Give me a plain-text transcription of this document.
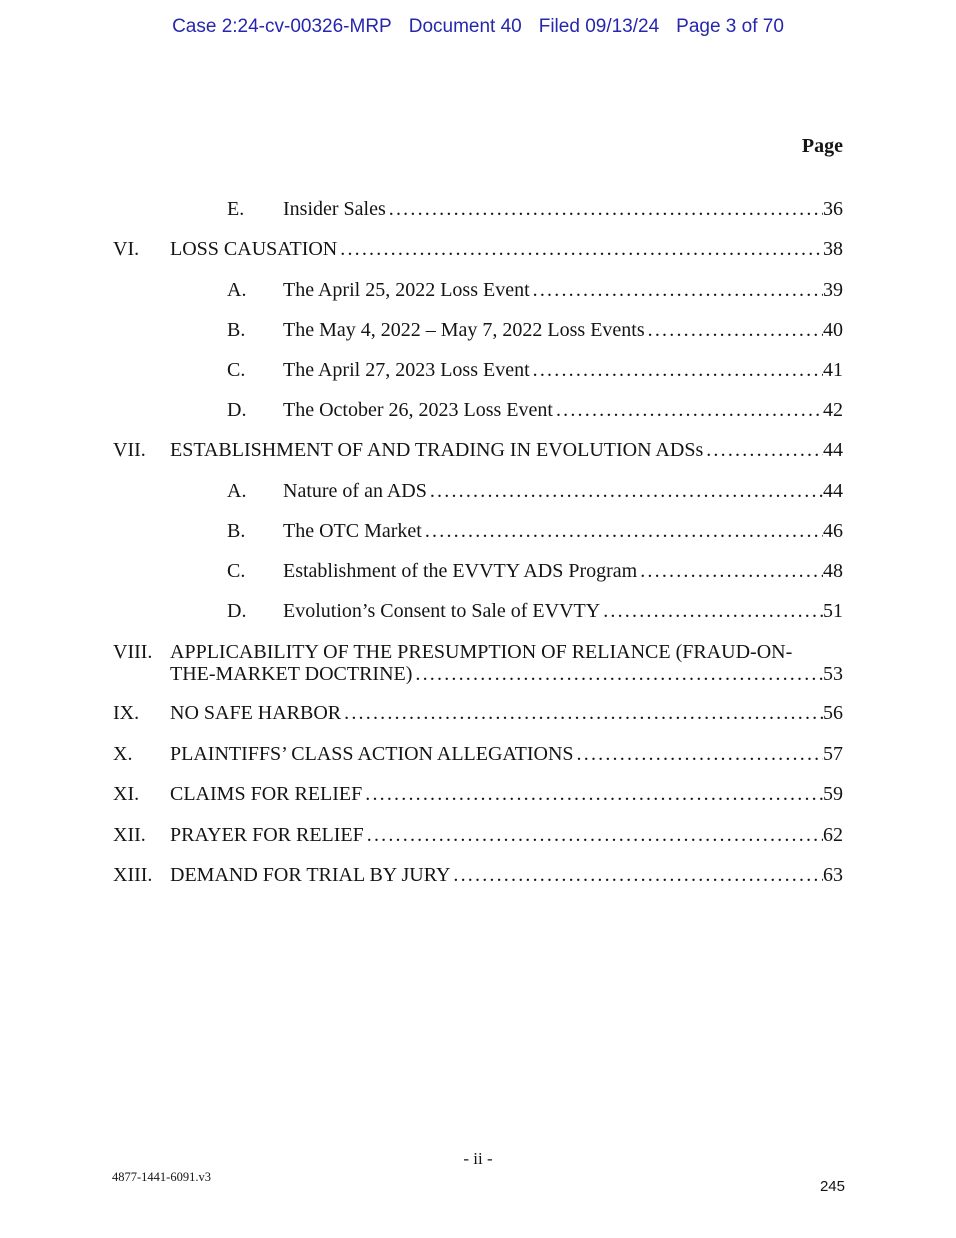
Case 2:24-cv-00326-MRP Document 40 Filed 09/13/24 Page 3 of 70
Page
E.	Insider Sales .....	36
VI.	LOSS CAUSATION .....	38
A.	The April 25, 2022 Loss Event .....	39
B.	The May 4, 2022 – May 7, 2022 Loss Events .....	40
C.	The April 27, 2023 Loss Event .....	41
D.	The October 26, 2023 Loss Event .....	42
VII.	ESTABLISHMENT OF AND TRADING IN EVOLUTION ADSs .....	44
A.	Nature of an ADS .....	44
B.	The OTC Market .....	46
C.	Establishment of the EVVTY ADS Program .....	48
D.	Evolution’s Consent to Sale of EVVTY .....	51
VIII. APPLICABILITY OF THE PRESUMPTION OF RELIANCE (FRAUD-ON-
THE-MARKET DOCTRINE) .....	53
IX.	NO SAFE HARBOR .....	56
X.	PLAINTIFFS’ CLASS ACTION ALLEGATIONS .....	57
XI.	CLAIMS FOR RELIEF .....	59
XII.	PRAYER FOR RELIEF .....	62
XIII. DEMAND FOR TRIAL BY JURY .....	63
- ii -
4877-1441-6091.v3
245
